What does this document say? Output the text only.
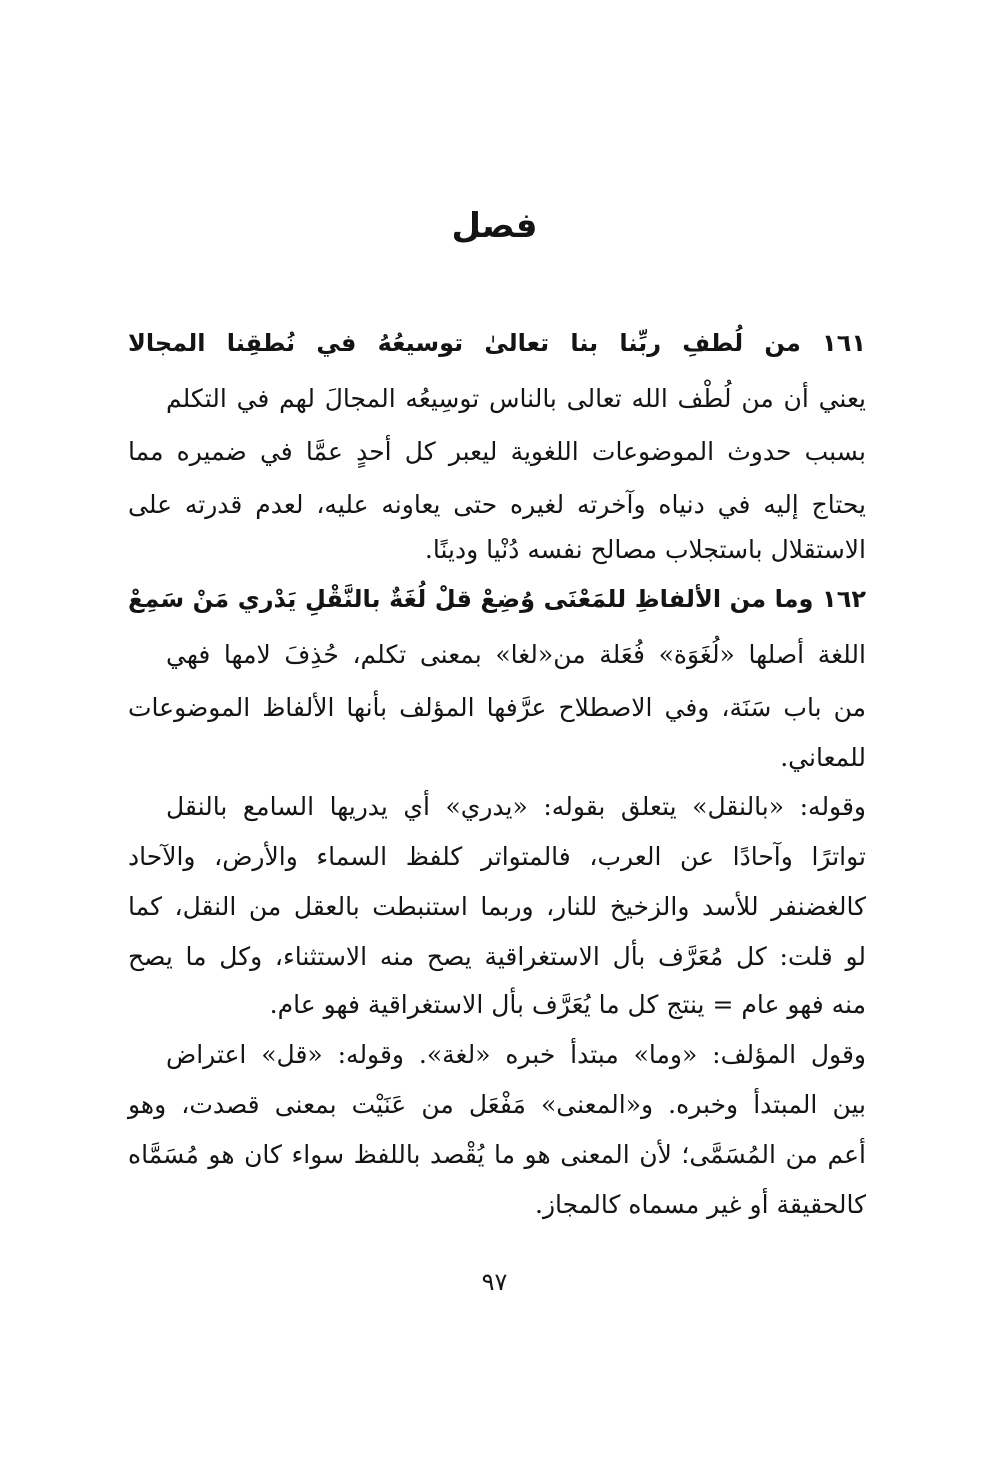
فصل
١٦١ من لُطفِ ربِّنا بنا تعالىٰ توسيعُهُ في نُطقِنا المجالا
يعني أن من لُطْف الله تعالى بالناس توسِيعُه المجالَ لهم في التكلم
بسبب حدوث الموضوعات اللغوية ليعبر كل أحدٍ عمَّا في ضميره مما
يحتاج إليه في دنياه وآخرته لغيره حتى يعاونه عليه، لعدم قدرته على
الاستقلال باستجلاب مصالح نفسه دُنْيا ودينًا.
١٦٢ وما من الألفاظِ للمَعْنَى وُضِعْ قلْ لُغَةٌ بالنَّقْلِ يَدْري مَنْ سَمِعْ
اللغة أصلها «لُغَوَة» فُعَلة من«لغا» بمعنى تكلم، حُذِفَ لامها فهي
من باب سَنَة، وفي الاصطلاح عرَّفها المؤلف بأنها الألفاظ الموضوعات
للمعاني.
وقوله: «بالنقل» يتعلق بقوله: «يدري» أي يدريها السامع بالنقل
تواترًا وآحادًا عن العرب، فالمتواتر كلفظ السماء والأرض، والآحاد
كالغضنفر للأسد والزخيخ للنار، وربما استنبطت بالعقل من النقل، كما
لو قلت: كل مُعَرَّف بأل الاستغراقية يصح منه الاستثناء، وكل ما يصح
منه فهو عام = ينتج كل ما يُعَرَّف بأل الاستغراقية فهو عام.
وقول المؤلف: «وما» مبتدأ خبره «لغة». وقوله: «قل» اعتراض
بين المبتدأ وخبره. و«المعنى» مَفْعَل من عَنَيْت بمعنى قصدت، وهو
أعم من المُسَمَّى؛ لأن المعنى هو ما يُقْصد باللفظ سواء كان هو مُسَمَّاه
كالحقيقة أو غير مسماه كالمجاز.
٩٧
